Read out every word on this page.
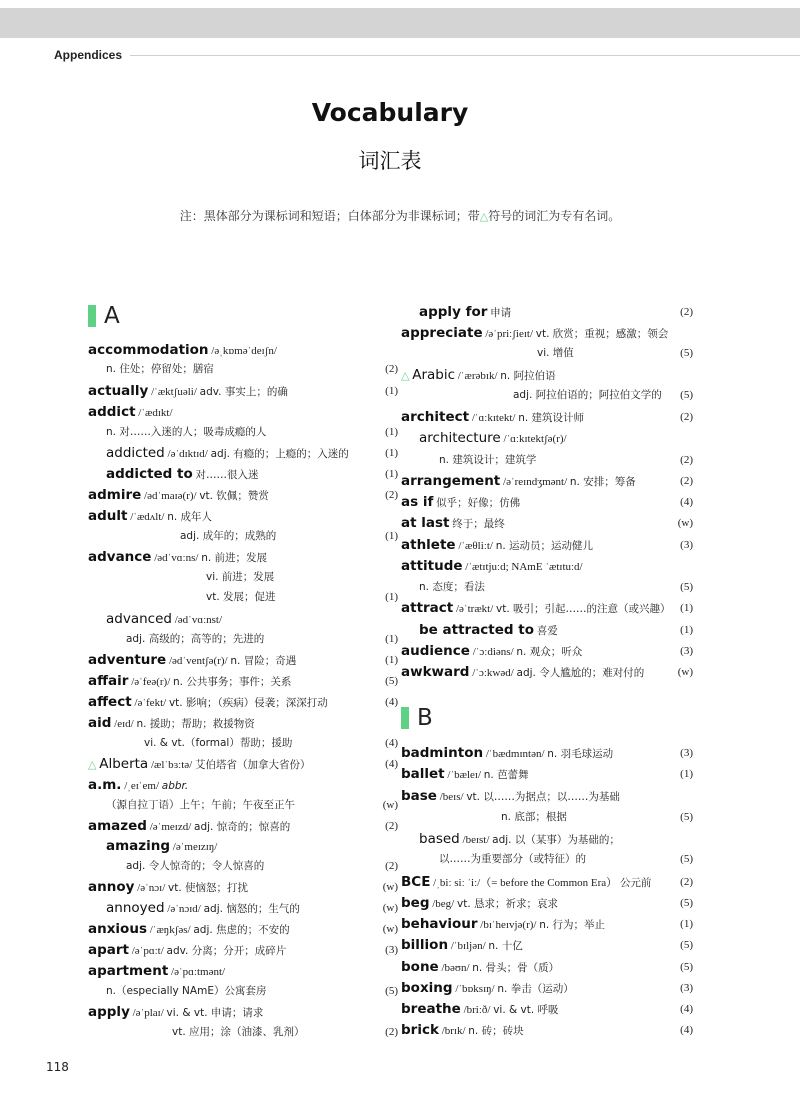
Appendices
Vocabulary
词汇表
注：黑体部分为课标词和短语；白体部分为非课标词；带△符号的词汇为专有名词。
A
accommodation /əˌkɒməˈdeɪʃn/
n. 住处；停留处；膳宿	(2)
actually /ˈæktʃuəli/ adv. 事实上；的确	(1)
addict /ˈædɪkt/
n. 对……入迷的人；吸毒成瘾的人	(1)
addicted /əˈdɪktɪd/ adj. 有瘾的；上瘾的；入迷的	(1)
addicted to 对……很入迷	(1)
admire /ədˈmaɪə(r)/ vt. 钦佩；赞赏	(2)
adult /ˈædʌlt/ n. 成年人
adj. 成年的；成熟的	(1)
advance /ədˈvɑːns/ n. 前进；发展
vi. 前进；发展
vt. 发展；促进	(1)
advanced /ədˈvɑːnst/
adj. 高级的；高等的；先进的	(1)
adventure /ədˈventʃə(r)/ n. 冒险；奇遇	(1)
affair /əˈfeə(r)/ n. 公共事务；事件；关系	(5)
affect /əˈfekt/ vt. 影响；（疾病）侵袭；深深打动	(4)
aid /eɪd/ n. 援助；帮助；救援物资
vi. & vt.（formal）帮助；援助	(4)
△ Alberta /ælˈbɜːtə/ 艾伯塔省（加拿大省份）	(4)
a.m. /ˌeɪˈem/ abbr.
（源自拉丁语）上午；午前；午夜至正午	(w)
amazed /əˈmeɪzd/ adj. 惊奇的；惊喜的	(2)
amazing /əˈmeɪzɪŋ/
adj. 令人惊奇的；令人惊喜的	(2)
annoy /əˈnɔɪ/ vt. 使恼怒；打扰	(w)
annoyed /əˈnɔɪd/ adj. 恼怒的；生气的	(w)
anxious /ˈæŋkʃəs/ adj. 焦虑的；不安的	(w)
apart /əˈpɑːt/ adv. 分离；分开；成碎片	(3)
apartment /əˈpɑːtmənt/
n.（especially NAmE）公寓套房	(5)
apply /əˈplaɪ/ vi. & vt. 申请；请求
vt. 应用；涂（油漆、乳剂）	(2)
apply for 申请	(2)
appreciate /əˈpriːʃieɪt/ vt. 欣赏；重视；感激；领会
vi. 增值	(5)
△ Arabic /ˈærəbɪk/ n. 阿拉伯语
adj. 阿拉伯语的；阿拉伯文学的 (5)
architect /ˈɑːkɪtekt/ n. 建筑设计师	(2)
architecture /ˈɑːkɪtektʃə(r)/
n. 建筑设计；建筑学	(2)
arrangement /əˈreɪndʒmənt/ n. 安排；筹备	(2)
as if 似乎；好像；仿佛	(4)
at last 终于；最终	(w)
athlete /ˈæθliːt/ n. 运动员；运动健儿	(3)
attitude /ˈætɪtjuːd; NAmE ˈætɪtuːd/
n. 态度；看法	(5)
attract /əˈtrækt/ vt. 吸引；引起……的注意（或兴趣） (1)
be attracted to 喜爱	(1)
audience /ˈɔːdiəns/ n. 观众；听众	(3)
awkward /ˈɔːkwəd/ adj. 令人尴尬的；难对付的	(w)
B
badminton /ˈbædmɪntən/ n. 羽毛球运动	(3)
ballet /ˈbæleɪ/ n. 芭蕾舞	(1)
base /beɪs/ vt. 以……为据点；以……为基础
n. 底部；根据	(5)
based /beɪst/ adj. 以（某事）为基础的；
以……为重要部分（或特征）的	(5)
BCE /ˌbiː siː ˈiː/（= before the Common Era） 公元前	(2)
beg /beg/ vt. 恳求；祈求；哀求	(5)
behaviour /bɪˈheɪvjə(r)/ n. 行为；举止	(1)
billion /ˈbɪljən/ n. 十亿	(5)
bone /bəʊn/ n. 骨头；骨（质）	(5)
boxing /ˈbɒksɪŋ/ n. 拳击（运动）	(3)
breathe /briːð/ vi. & vt. 呼吸	(4)
brick /brɪk/ n. 砖；砖块	(4)
118
